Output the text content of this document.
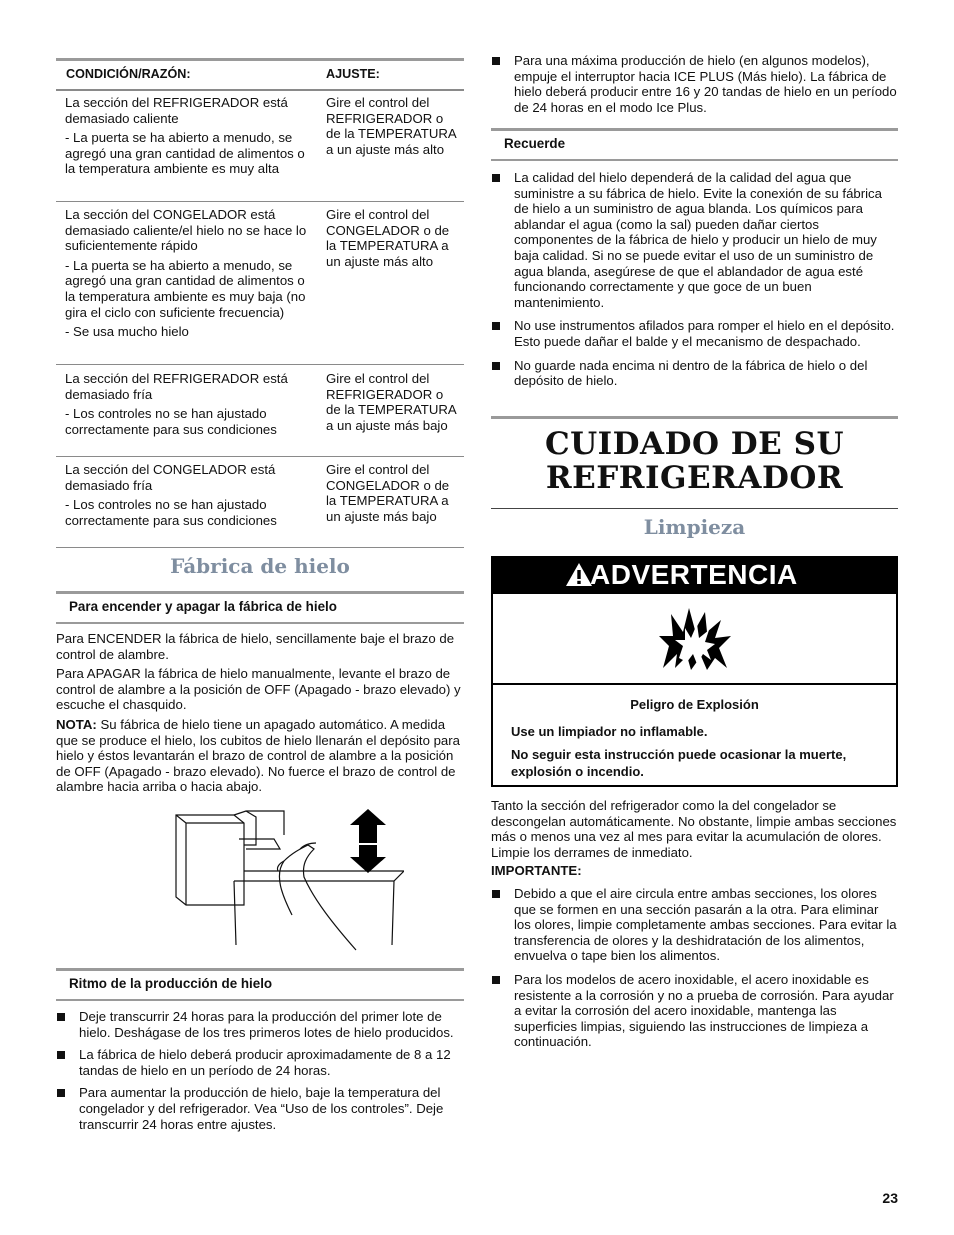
CONDICIÓN/RAZÓN:	AJUSTE:

La sección del REFRIGERADOR está demasiado caliente

- La puerta se ha abierto a menudo, se agregó una gran cantidad de alimentos o la temperatura ambiente es muy alta

Gire el control del REFRIGERADOR o de la TEMPERATURA a un ajuste más alto

La sección del CONGELADOR está demasiado caliente/el hielo no se hace lo suficientemente rápido

- La puerta se ha abierto a menudo, se agregó una gran cantidad de alimentos o la temperatura ambiente es muy baja (no gira el ciclo con suficiente frecuencia)

- Se usa mucho hielo

Gire el control del CONGELADOR o de la TEMPERATURA a un ajuste más alto

La sección del REFRIGERADOR está demasiado fría

- Los controles no se han ajustado correctamente para sus condiciones

Gire el control del REFRIGERADOR o de la TEMPERATURA a un ajuste más bajo

La sección del CONGELADOR está demasiado fría

- Los controles no se han ajustado correctamente para sus condiciones

Gire el control del CONGELADOR o de la TEMPERATURA a un ajuste más bajo
Fábrica de hielo
Para encender y apagar la fábrica de hielo

Para ENCENDER la fábrica de hielo, sencillamente baje el brazo de control de alambre.

Para APAGAR la fábrica de hielo manualmente, levante el brazo de control de alambre a la posición de OFF (Apagado - brazo elevado) y escuche el chasquido.

NOTA: Su fábrica de hielo tiene un apagado automático. A medida que se produce el hielo, los cubitos de hielo llenarán el depósito para hielo y éstos levantarán el brazo de control de alambre a la posición de OFF (Apagado - brazo elevado). No fuerce el brazo de control de alambre hacia arriba o hacia abajo.

Ritmo de la producción de hielo
Deje transcurrir 24 horas para la producción del primer lote de hielo. Deshágase de los tres primeros lotes de hielo producidos.
La fábrica de hielo deberá producir aproximadamente de 8 a 12 tandas de hielo en un período de 24 horas.
Para aumentar la producción de hielo, baje la temperatura del congelador y del refrigerador. Vea “Uso de los controles”. Deje transcurrir 24 horas entre ajustes.
Para una máxima producción de hielo (en algunos modelos), empuje el interruptor hacia ICE PLUS (Más hielo). La fábrica de hielo deberá producir entre 16 y 20 tandas de hielo en un período de 24 horas en el modo Ice Plus.
Recuerde
La calidad del hielo dependerá de la calidad del agua que suministre a su fábrica de hielo. Evite la conexión de su fábrica de hielo a un suministro de agua blanda. Los químicos para ablandar el agua (como la sal) pueden dañar ciertos componentes de la fábrica de hielo y producir un hielo de muy baja calidad. Si no se puede evitar el uso de un suministro de agua blanda, asegúrese de que el ablandador de agua esté funcionando correctamente y que goce de un buen mantenimiento.
No use instrumentos afilados para romper el hielo en el depósito. Esto puede dañar el balde y el mecanismo de despachado.
No guarde nada encima ni dentro de la fábrica de hielo o del depósito de hielo.
CUIDADO DE SU
REFRIGERADOR
Limpieza
ADVERTENCIA
Peligro de Explosión
Use un limpiador no inflamable.
No seguir esta instrucción puede ocasionar la muerte, explosión o incendio.

Tanto la sección del refrigerador como la del congelador se descongelan automáticamente. No obstante, limpie ambas secciones más o menos una vez al mes para evitar la acumulación de olores. Limpie los derrames de inmediato.

IMPORTANTE:

Debido a que el aire circula entre ambas secciones, los olores que se formen en una sección pasarán a la otra. Para eliminar los olores, limpie completamente ambas secciones. Para evitar la transferencia de olores y la deshidratación de los alimentos, envuelva o tape bien los alimentos.
Para los modelos de acero inoxidable, el acero inoxidable es resistente a la corrosión y no a prueba de corrosión. Para ayudar a evitar la corrosión del acero inoxidable, mantenga las superficies limpias, siguiendo las instrucciones de limpieza a continuación.
23
